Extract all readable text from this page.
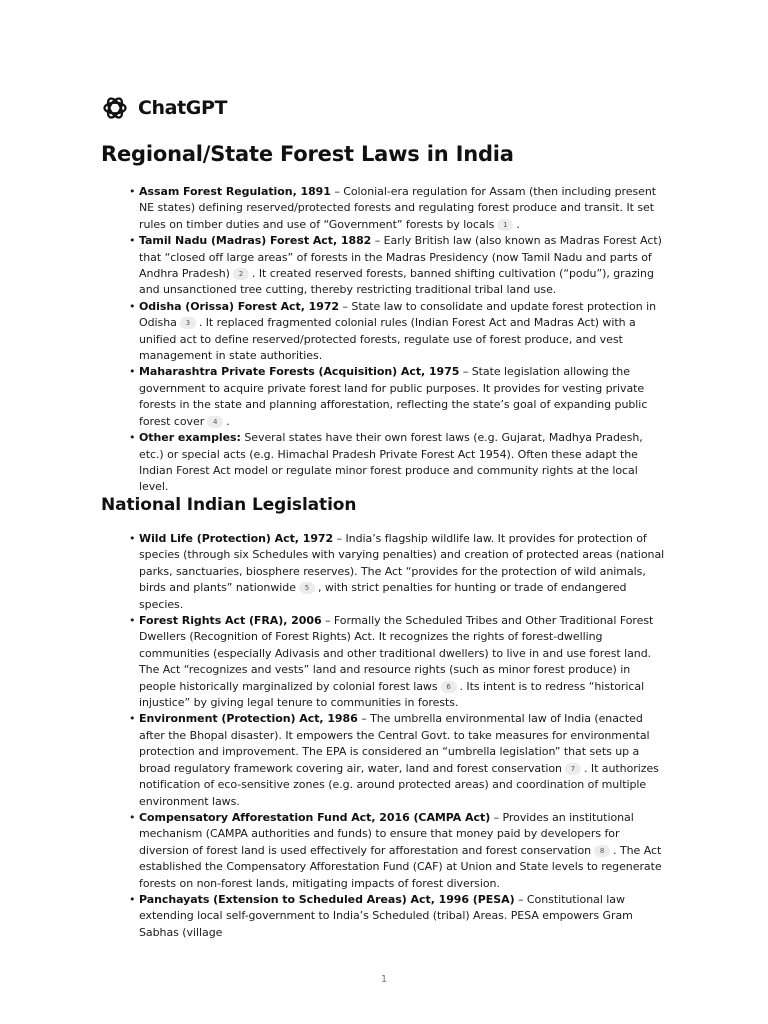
ChatGPT
Regional/State Forest Laws in India
• Assam Forest Regulation, 1891 – Colonial-era regulation for Assam (then including present NE states) defining reserved/protected forests and regulating forest produce and transit. It set rules on timber duties and use of “Government” forests by locals 1 .
• Tamil Nadu (Madras) Forest Act, 1882 – Early British law (also known as Madras Forest Act) that “closed off large areas” of forests in the Madras Presidency (now Tamil Nadu and parts of Andhra Pradesh) 2 . It created reserved forests, banned shifting cultivation (“podu”), grazing and unsanctioned tree cutting, thereby restricting traditional tribal land use.
• Odisha (Orissa) Forest Act, 1972 – State law to consolidate and update forest protection in Odisha 3 . It replaced fragmented colonial rules (Indian Forest Act and Madras Act) with a unified act to define reserved/protected forests, regulate use of forest produce, and vest management in state authorities.
• Maharashtra Private Forests (Acquisition) Act, 1975 – State legislation allowing the government to acquire private forest land for public purposes. It provides for vesting private forests in the state and planning afforestation, reflecting the state’s goal of expanding public forest cover 4 .
• Other examples: Several states have their own forest laws (e.g. Gujarat, Madhya Pradesh, etc.) or special acts (e.g. Himachal Pradesh Private Forest Act 1954). Often these adapt the Indian Forest Act model or regulate minor forest produce and community rights at the local level.
National Indian Legislation
• Wild Life (Protection) Act, 1972 – India’s flagship wildlife law. It provides for protection of species (through six Schedules with varying penalties) and creation of protected areas (national parks, sanctuaries, biosphere reserves). The Act “provides for the protection of wild animals, birds and plants” nationwide 5 , with strict penalties for hunting or trade of endangered species.
• Forest Rights Act (FRA), 2006 – Formally the Scheduled Tribes and Other Traditional Forest Dwellers (Recognition of Forest Rights) Act. It recognizes the rights of forest-dwelling communities (especially Adivasis and other traditional dwellers) to live in and use forest land. The Act “recognizes and vests” land and resource rights (such as minor forest produce) in people historically marginalized by colonial forest laws 6 . Its intent is to redress “historical injustice” by giving legal tenure to communities in forests.
• Environment (Protection) Act, 1986 – The umbrella environmental law of India (enacted after the Bhopal disaster). It empowers the Central Govt. to take measures for environmental protection and improvement. The EPA is considered an “umbrella legislation” that sets up a broad regulatory framework covering air, water, land and forest conservation 7 . It authorizes notification of eco-sensitive zones (e.g. around protected areas) and coordination of multiple environment laws.
• Compensatory Afforestation Fund Act, 2016 (CAMPA Act) – Provides an institutional mechanism (CAMPA authorities and funds) to ensure that money paid by developers for diversion of forest land is used effectively for afforestation and forest conservation 8 . The Act established the Compensatory Afforestation Fund (CAF) at Union and State levels to regenerate forests on non-forest lands, mitigating impacts of forest diversion.
• Panchayats (Extension to Scheduled Areas) Act, 1996 (PESA) – Constitutional law extending local self-government to India’s Scheduled (tribal) Areas. PESA empowers Gram Sabhas (village
1
